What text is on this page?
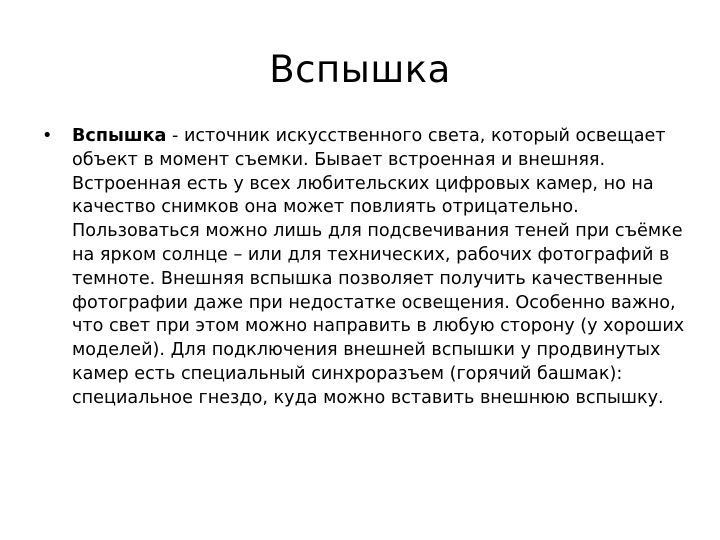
Вспышка
• Вспышка - источник искусственного света, который освещает объект в момент съемки. Бывает встроенная и внешняя. Встроенная есть у всех любительских цифровых камер, но на качество снимков она может повлиять отрицательно. Пользоваться можно лишь для подсвечивания теней при съёмке на ярком солнце – или для технических, рабочих фотографий в темноте. Внешняя вспышка позволяет получить качественные фотографии даже при недостатке освещения. Особенно важно, что свет при этом можно направить в любую сторону (у хороших моделей). Для подключения внешней вспышки у продвинутых камер есть специальный синхроразъем (горячий башмак): специальное гнездо, куда можно вставить внешнюю вспышку.
